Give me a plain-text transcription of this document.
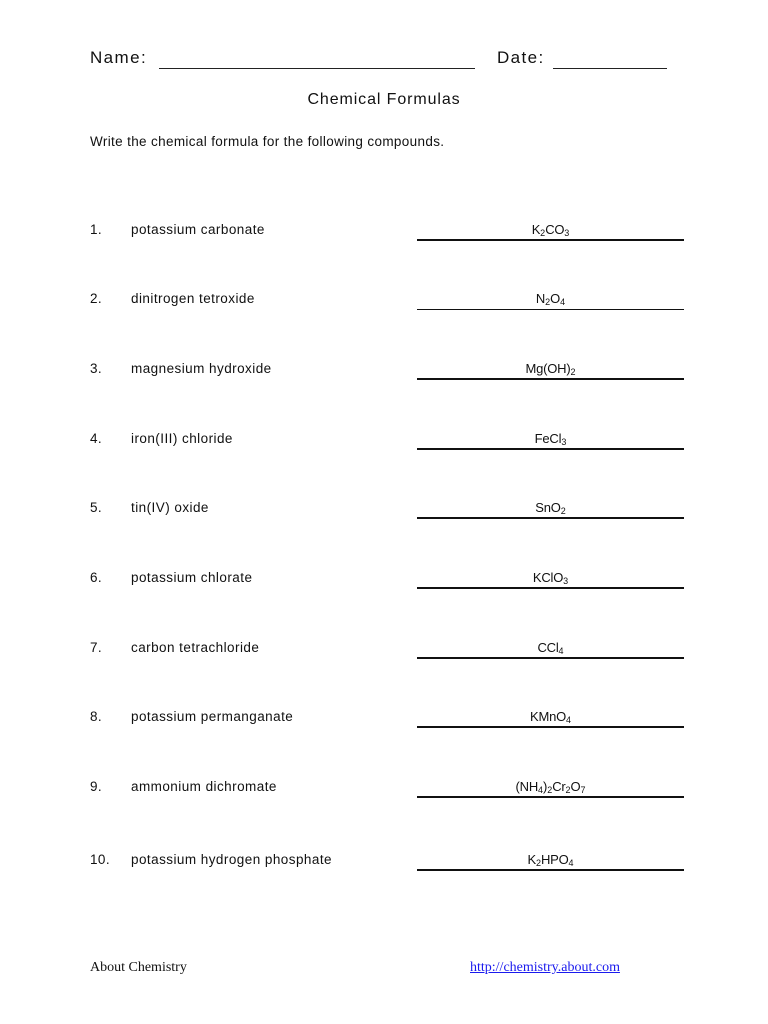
Name:	Date:
Chemical Formulas
Write the chemical formula for the following compounds.
1. potassium carbonate	$K_2CO_3$
2. dinitrogen tetroxide	$N_2O_4$
3. magnesium hydroxide	$Mg(OH)_2$
4. iron(III) chloride	FeCl$_3$
5. tin(IV) oxide	SnO$_2$
6. potassium chlorate	KClO$_3$
7. carbon tetrachloride	CCl$_4$
8. potassium permanganate	KMnO$_4$
9. ammonium dichromate	$(NH_4)_2Cr_2O_7$
10. potassium hydrogen phosphate	$K_2HPO_4$
About Chemistry	http://chemistry.about.com
